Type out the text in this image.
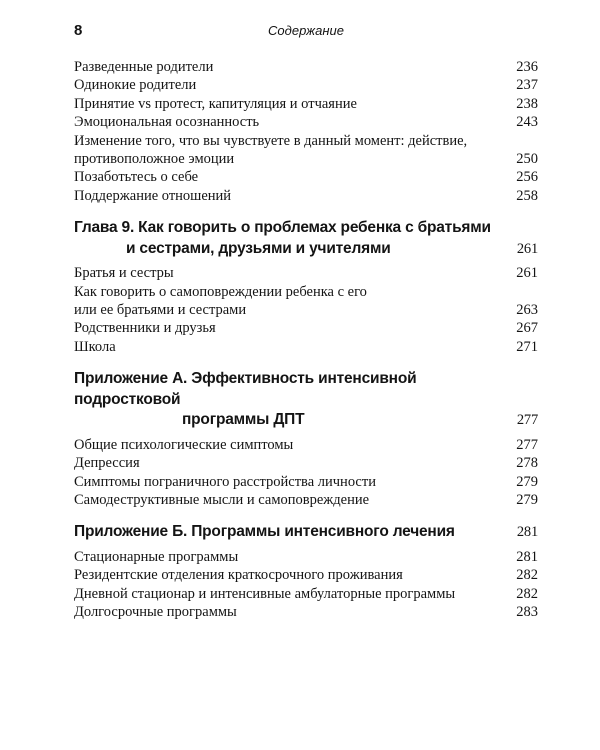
8	Содержание
Разведенные родители	236
Одинокие родители	237
Принятие vs протест, капитуляция и отчаяние	238
Эмоциональная осознанность	243
Изменение того, что вы чувствуете в данный момент: действие,
противоположное эмоции	250
Позаботьтесь о себе	256
Поддержание отношений	258
Глава 9. Как говорить о проблемах ребенка с братьями
и сестрами, друзьями и учителями	261
Братья и сестры	261
Как говорить о самоповреждении ребенка с его
или ее братьями и сестрами	263
Родственники и друзья	267
Школа	271
Приложение А. Эффективность интенсивной подростковой
программы ДПТ	277
Общие психологические симптомы	277
Депрессия	278
Симптомы пограничного расстройства личности	279
Самодеструктивные мысли и самоповреждение	279
Приложение Б. Программы интенсивного лечения	281
Стационарные программы	281
Резидентские отделения краткосрочного проживания	282
Дневной стационар и интенсивные амбулаторные программы	282
Долгосрочные программы	283
